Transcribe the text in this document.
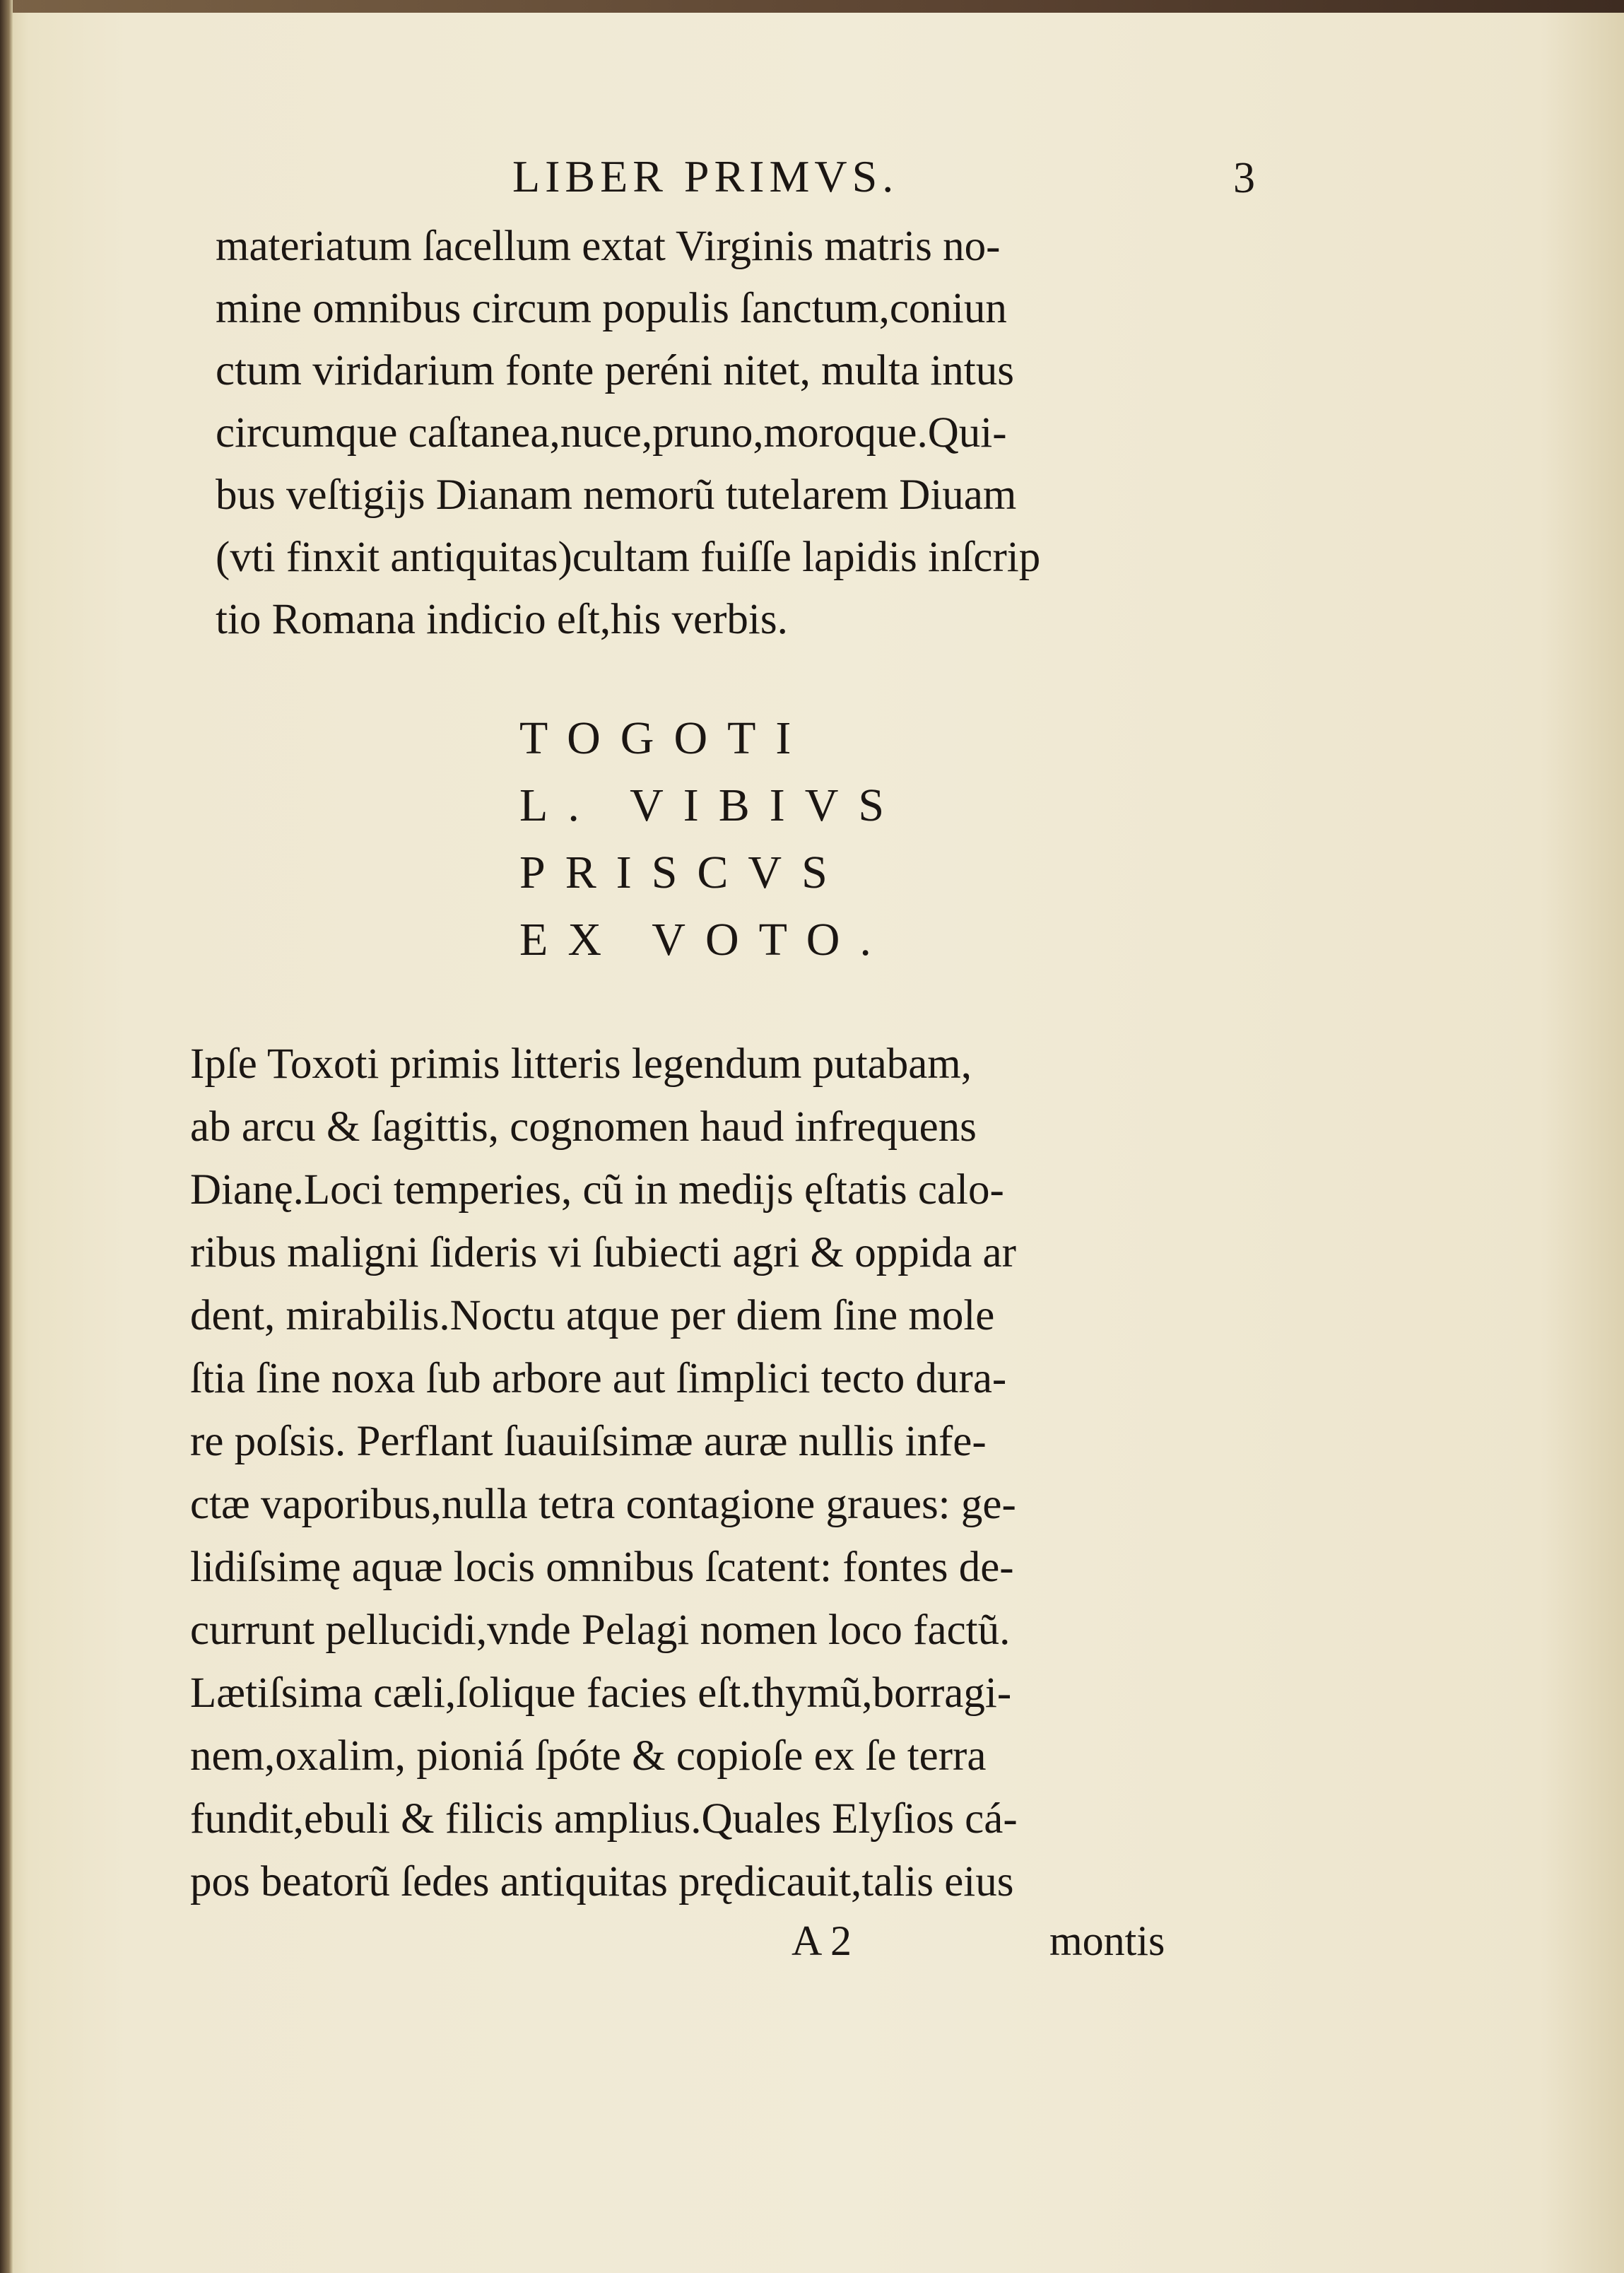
LIBER PRIMVS.	3
materiatum ſacellum extat Virginis matris no-
mine omnibus circum populis ſanctum,coniun
ctum viridarium fonte peréni nitet, multa intus
circumque caſtanea,nuce,pruno,moroque.Qui-
bus veſtigijs Dianam nemorũ tutelarem Diuam
(vti finxit antiquitas)cultam fuiſſe lapidis inſcrip
tio Romana indicio eſt,his verbis.
TOGOTI
L. VIBIVS
PRISCVS
EX VOTO.
Ipſe Toxoti primis litteris legendum putabam,
ab arcu & ſagittis, cognomen haud infrequens
Dianę.Loci temperies, cũ in medijs ęſtatis calo-
ribus maligni ſideris vi ſubiecti agri & oppida ar
dent, mirabilis.Noctu atque per diem ſine mole
ſtia ſine noxa ſub arbore aut ſimplici tecto dura-
re poſsis. Perflant ſuauiſsimæ auræ nullis infe-
ctæ vaporibus,nulla tetra contagione graues: ge-
lidiſsimę aquæ locis omnibus ſcatent: fontes de-
currunt pellucidi,vnde Pelagi nomen loco factũ.
Lætiſsima cæli,ſolique facies eſt.thymũ,borragi-
nem,oxalim, pioniá ſpóte & copioſe ex ſe terra
fundit,ebuli & filicis amplius.Quales Elyſios cá-
pos beatorũ ſedes antiquitas prędicauit,talis eius
A 2	montis
